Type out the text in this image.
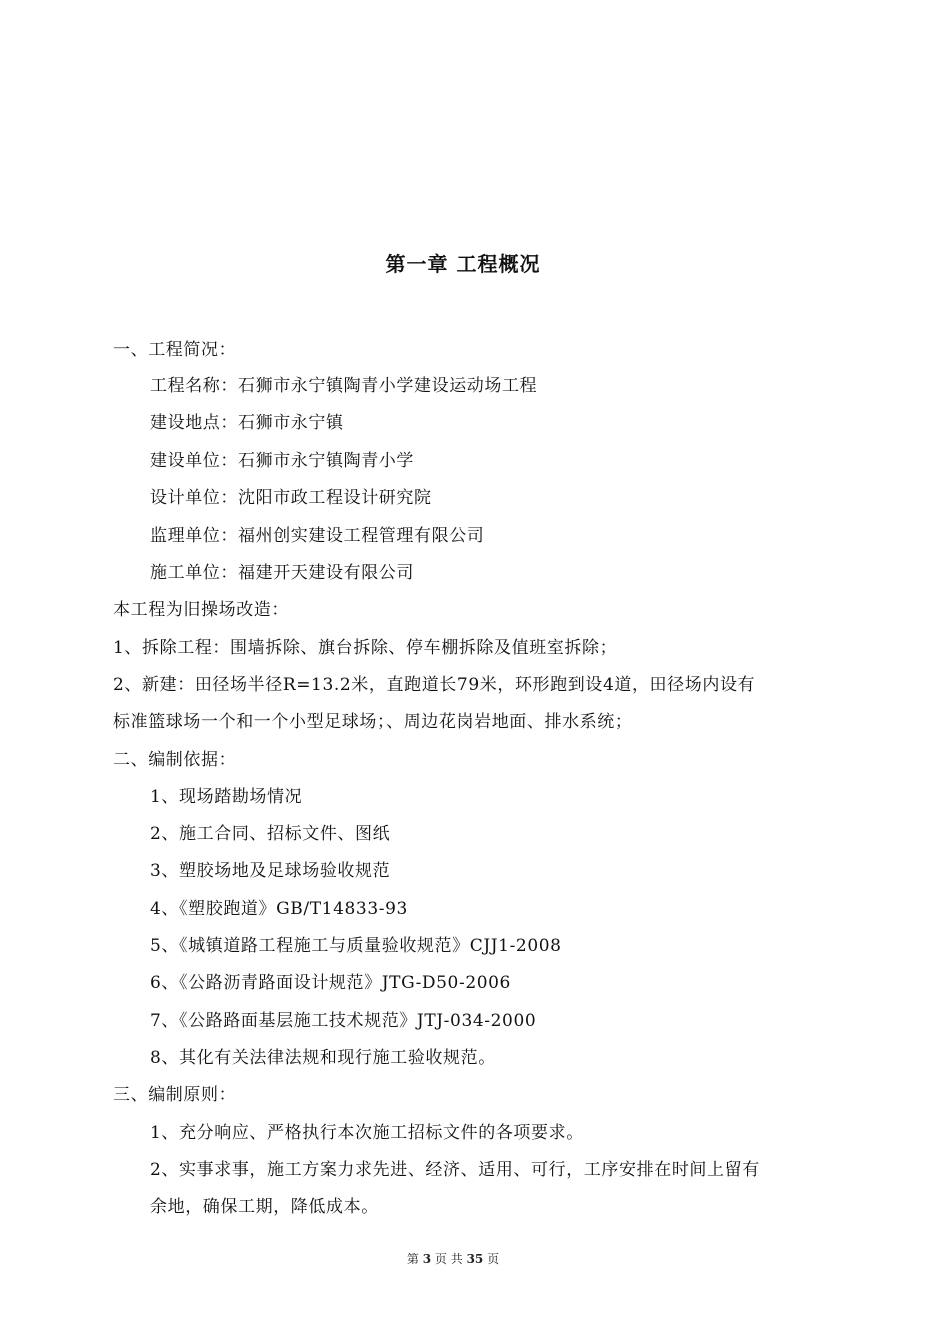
第一章 工程概况
一、工程简况：
工程名称：石狮市永宁镇陶青小学建设运动场工程
建设地点：石狮市永宁镇
建设单位：石狮市永宁镇陶青小学
设计单位：沈阳市政工程设计研究院
监理单位：福州创实建设工程管理有限公司
施工单位：福建开天建设有限公司
本工程为旧操场改造：
1、拆除工程：围墙拆除、旗台拆除、停车棚拆除及值班室拆除；
2、新建：田径场半径R=13.2米，直跑道长79米，环形跑到设4道，田径场内设有
标准篮球场一个和一个小型足球场；、周边花岗岩地面、排水系统；
二、编制依据：
1、现场踏勘场情况
2、施工合同、招标文件、图纸
3、塑胶场地及足球场验收规范
4、《塑胶跑道》GB/T14833-93
5、《城镇道路工程施工与质量验收规范》CJJ1-2008
6、《公路沥青路面设计规范》JTG-D50-2006
7、《公路路面基层施工技术规范》JTJ-034-2000
8、其化有关法律法规和现行施工验收规范。
三、编制原则：
1、充分响应、严格执行本次施工招标文件的各项要求。
2、实事求事，施工方案力求先进、经济、适用、可行，工序安排在时间上留有
余地，确保工期，降低成本。
第 3 页 共 35 页
